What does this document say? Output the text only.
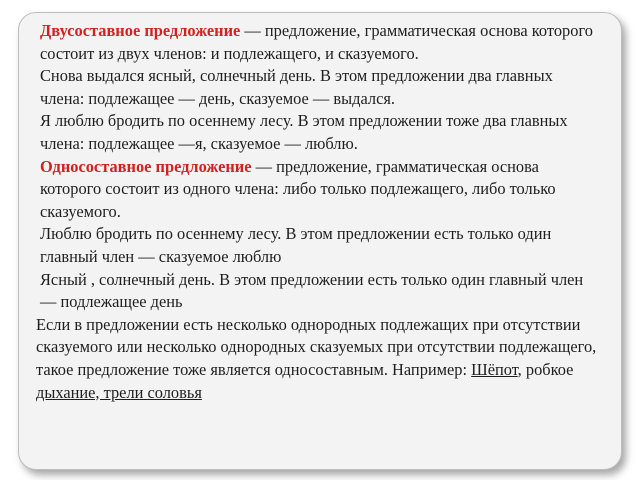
Двусоставное предложение — предложение, грамматическая основа которого состоит из двух членов: и подлежащего, и сказуемого.

Снова выдался ясный, солнечный день. В этом предложении два главных члена: подлежащее — день, сказуемое — выдался.

Я люблю бродить по осеннему лесу. В этом предложении тоже два главных члена: подлежащее —я, сказуемое — люблю.

Односоставное предложение — предложение, грамматическая основа которого состоит из одного члена: либо только подлежащего, либо только сказуемого.

Люблю бродить по осеннему лесу. В этом предложении есть только один главный член — сказуемое люблю

Ясный , солнечный день. В этом предложении есть только один главный член — подлежащее день

Если в предложении есть несколько однородных подлежащих при отсутствии сказуемого или несколько однородных сказуемых при отсутствии подлежащего, такое предложение тоже является односоставным. Например: Шёпот, робкое дыхание, трели соловья
